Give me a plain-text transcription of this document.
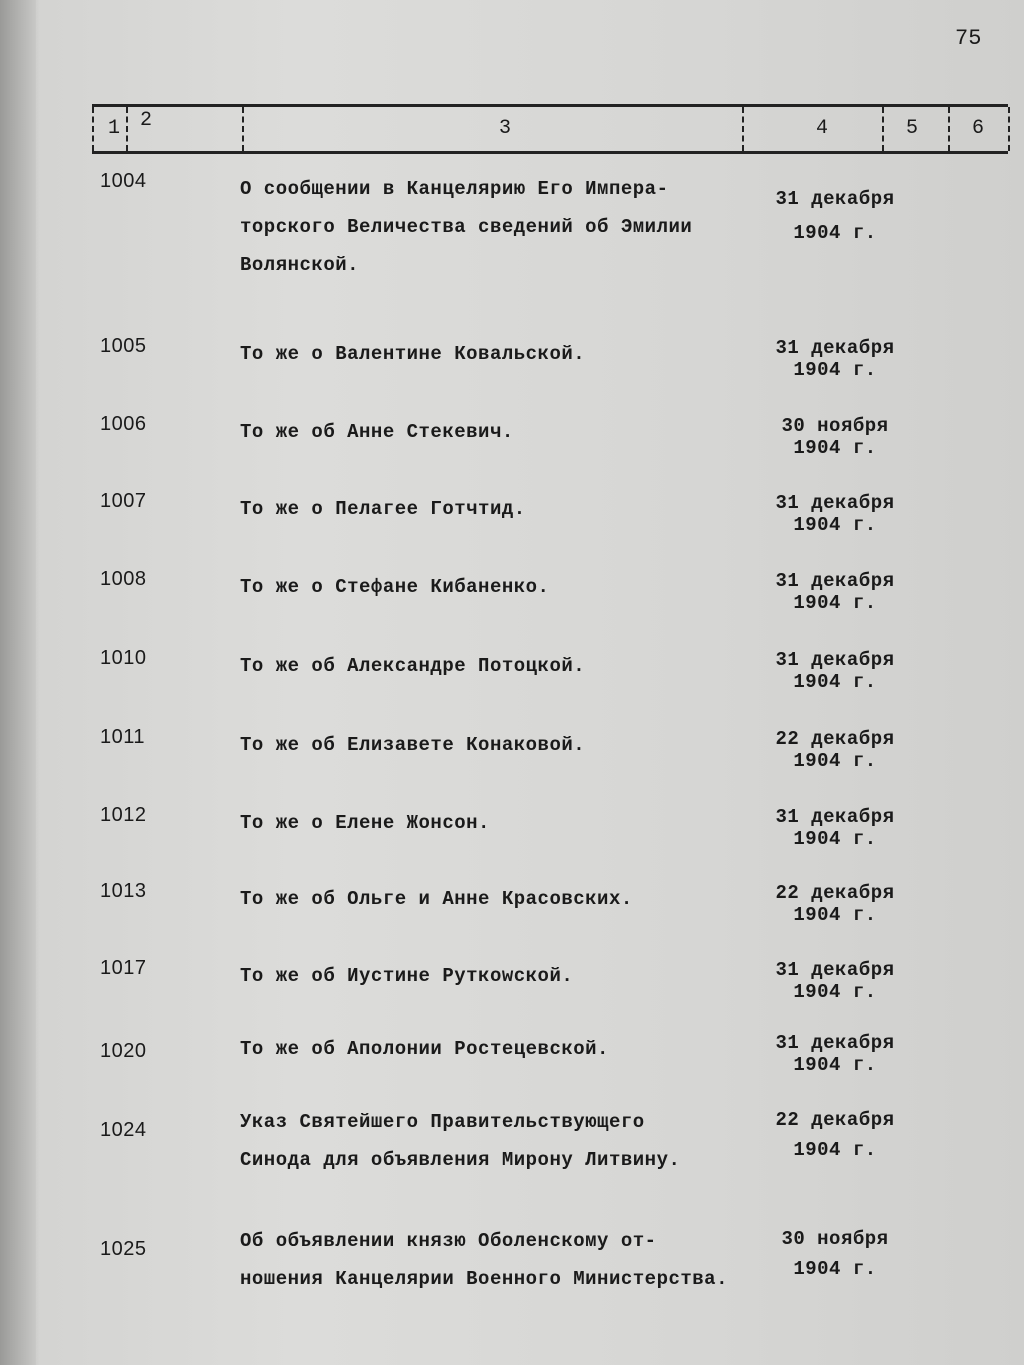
75
1 2	3	4	5	6
1004	О сообщении в Канцелярию Его Импера-
торского Величества сведений об Эмилии
Волянской.
31 декабря
1904 г.
1005	То же о Валентине Ковальской.	31 декабря
1904 г.
1006	То же об Анне Стекевич.	30 ноября
1904 г.
1007	То же о Пелагее Готчтид.	31 декабря
1904 г.
1008	То же о Стефане Кибаненко.	31 декабря
1904 г.
1010	То же об Александре Потоцкой.	31 декабря
1904 г.
1011	То же об Елизавете Конаковой.	22 декабря
1904 г.
1012	То же о Елене Жонсон.	31 декабря
1904 г.
1013	То же об Ольге и Анне Красовских.	22 декабря
1904 г.
1017	То же об Иустине Руткowской.	31 декабря
1904 г.
1020	То же об Аполонии Ростецевской.	31 декабря
1904 г.
1024	Указ Святейшего Правительствующего
Синода для объявления Мирону Литвину.
22 декабря
1904 г.
1025	Об объявлении князю Оболенскому от-
ношения Канцелярии Военного Министерства.
30 ноября
1904 г.
